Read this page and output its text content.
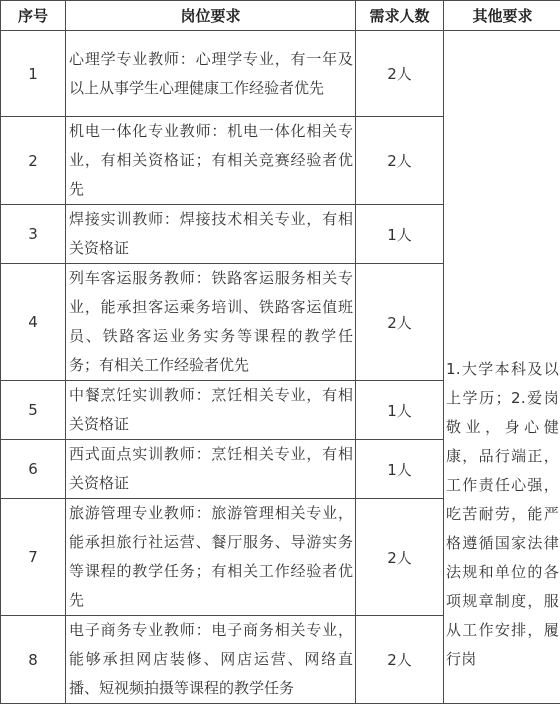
序号	岗位要求	需求人数	其他要求
1	心理学专业教师：心理学专业，有一年及以上从事学生心理健康工作经验者优先	2人	1.大学本科及以上学历；2.爱岗敬业，身心健康，品行端正，工作责任心强，吃苦耐劳，能严格遵循国家法律法规和单位的各项规章制度，服从工作安排，履行岗
2	机电一体化专业教师：机电一体化相关专业，有相关资格证；有相关竞赛经验者优先	2人	
3	焊接实训教师：焊接技术相关专业，有相关资格证	1人	
4	列车客运服务教师：铁路客运服务相关专业，能承担客运乘务培训、铁路客运值班员、铁路客运业务实务等课程的教学任务；有相关工作经验者优先	2人	
5	中餐烹饪实训教师：烹饪相关专业，有相关资格证	1人	
6	西式面点实训教师：烹饪相关专业，有相关资格证	1人	
7	旅游管理专业教师：旅游管理相关专业，能承担旅行社运营、餐厅服务、导游实务等课程的教学任务；有相关工作经验者优先	2人	
8	电子商务专业教师：电子商务相关专业，能够承担网店装修、网店运营、网络直播、短视频拍摄等课程的教学任务	2人	
